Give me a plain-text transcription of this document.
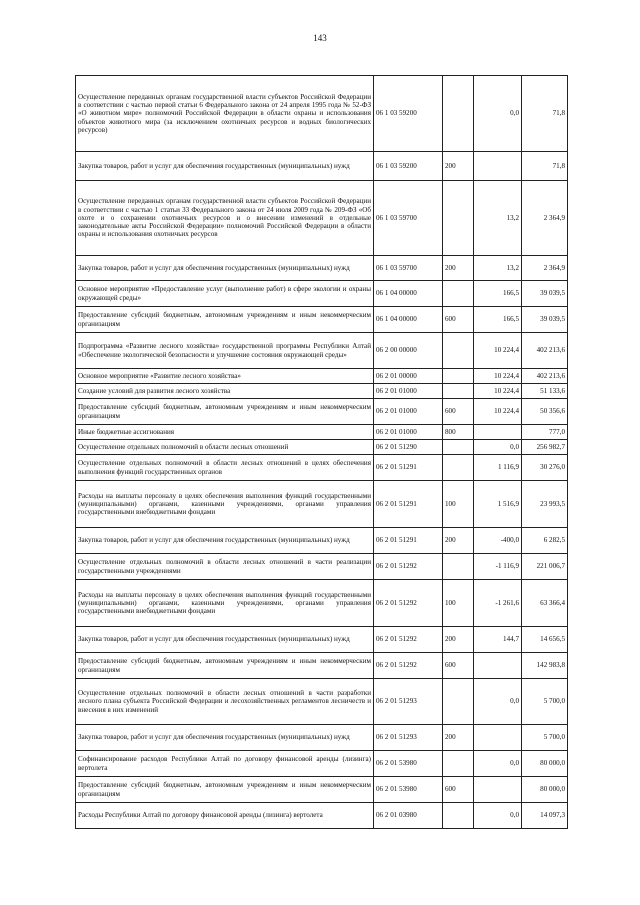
143
Осуществление переданных органам государственной власти субъектов Российской Федерации в соответствии с частью первой статьи 6 Федерального закона от 24 апреля 1995 года № 52-ФЗ «О животном мире» полномочий Российской Федерации в области охраны и использования объектов животного мира (за исключением охотничьих ресурсов и водных биологических ресурсов)	06 1 03 59200		0,0	71,8
Закупка товаров, работ и услуг для обеспечения государственных (муниципальных) нужд	06 1 03 59200	200		71,8
Осуществление переданных органам государственной власти субъектов Российской Федерации в соответствии с частью 1 статьи 33 Федерального закона от 24 июля 2009 года № 209-ФЗ «Об охоте и о сохранении охотничьих ресурсов и о внесении изменений в отдельные законодательные акты Российской Федерации» полномочий Российской Федерации в области охраны и использования охотничьих ресурсов	06 1 03 59700		13,2	2 364,9
Закупка товаров, работ и услуг для обеспечения государственных (муниципальных) нужд	06 1 03 59700	200	13,2	2 364,9
Основное мероприятие «Предоставление услуг (выполнение работ) в сфере экологии и охраны окружающей среды»	06 1 04 00000		166,5	39 039,5
Предоставление субсидий бюджетным, автономным учреждениям и иным некоммерческим организациям	06 1 04 00000	600	166,5	39 039,5
Подпрограмма «Развитие лесного хозяйства» государственной программы Республики Алтай «Обеспечение экологической безопасности и улучшение состояния окружающей среды»	06 2 00 00000		10 224,4	402 213,6
Основное мероприятие «Развитие лесного хозяйства»	06 2 01 00000		10 224,4	402 213,6
Создание условий для развития лесного хозяйства	06 2 01 01000		10 224,4	51 133,6
Предоставление субсидий бюджетным, автономным учреждениям и иным некоммерческим организациям	06 2 01 01000	600	10 224,4	50 356,6
Иные бюджетные ассигнования	06 2 01 01000	800		777,0
Осуществление отдельных полномочий в области лесных отношений	06 2 01 51290		0,0	256 982,7
Осуществление отдельных полномочий в области лесных отношений в целях обеспечения выполнения функций государственных органов	06 2 01 51291		1 116,9	30 276,0
Расходы на выплаты персоналу в целях обеспечения выполнения функций государственными (муниципальными) органами, казенными учреждениями, органами управления государственными внебюджетными фондами	06 2 01 51291	100	1 516,9	23 993,5
Закупка товаров, работ и услуг для обеспечения государственных (муниципальных) нужд	06 2 01 51291	200	-400,0	6 282,5
Осуществление отдельных полномочий в области лесных отношений в части реализации государственными учреждениями	06 2 01 51292		-1 116,9	221 006,7
Расходы на выплаты персоналу в целях обеспечения выполнения функций государственными (муниципальными) органами, казенными учреждениями, органами управления государственными внебюджетными фондами	06 2 01 51292	100	-1 261,6	63 366,4
Закупка товаров, работ и услуг для обеспечения государственных (муниципальных) нужд	06 2 01 51292	200	144,7	14 656,5
Предоставление субсидий бюджетным, автономным учреждениям и иным некоммерческим организациям	06 2 01 51292	600		142 983,8
Осуществление отдельных полномочий в области лесных отношений в части разработки лесного плана субъекта Российской Федерации и лесохозяйственных регламентов лесничеств и внесения в них изменений	06 2 01 51293		0,0	5 700,0
Закупка товаров, работ и услуг для обеспечения государственных (муниципальных) нужд	06 2 01 51293	200		5 700,0
Софинансирование расходов Республики Алтай по договору финансовой аренды (лизинга) вертолета	06 2 01 53980		0,0	80 000,0
Предоставление субсидий бюджетным, автономным учреждениям и иным некоммерческим организациям	06 2 01 53980	600		80 000,0
Расходы Республики Алтай по договору финансовой аренды (лизинга) вертолета	06 2 01 03980		0,0	14 097,3
